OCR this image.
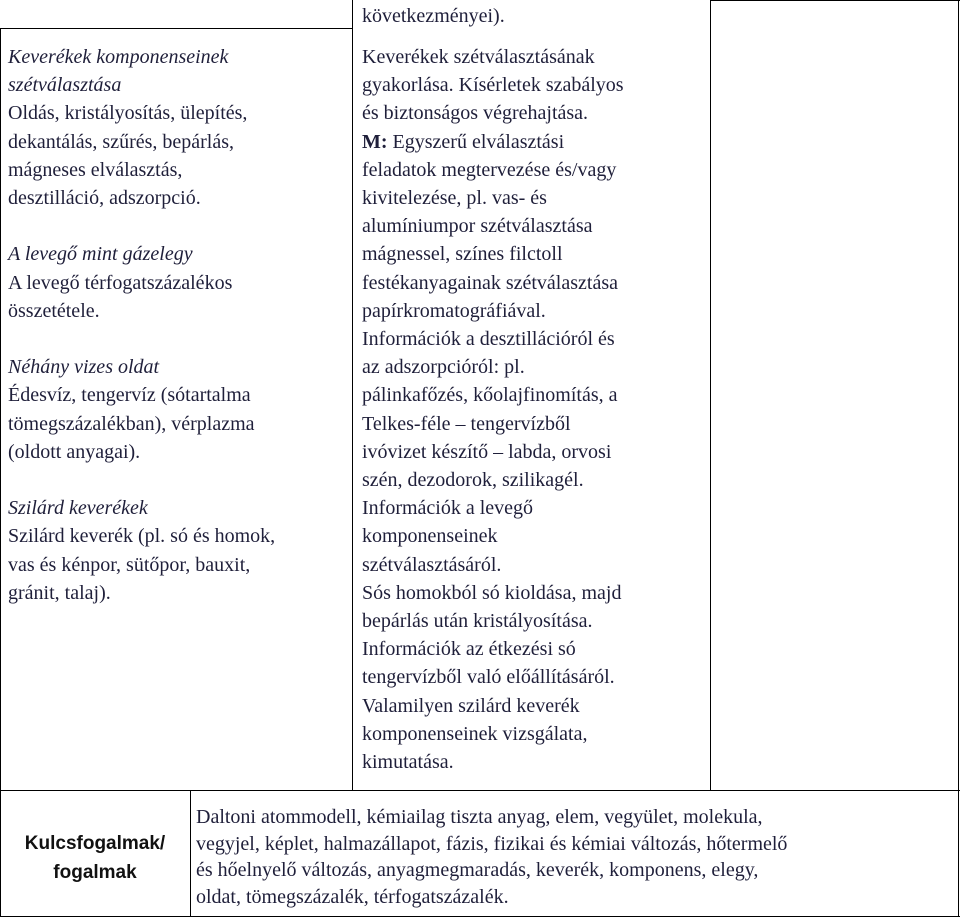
Keverékek komponenseinek
szétválasztása
Oldás, kristályosítás, ülepítés,
dekantálás, szűrés, bepárlás,
mágneses elválasztás,
desztilláció, adszorpció.

A levegő mint gázelegy
A levegő térfogatszázalékos
összetétele.

Néhány vizes oldat
Édesvíz, tengervíz (sótartalma
tömegszázalékban), vérplazma
(oldott anyagai).

Szilárd keverékek
Szilárd keverék (pl. só és homok,
vas és kénpor, sütőpor, bauxit,
gránit, talaj).
következményei).
Keverékek szétválasztásának
gyakorlása. Kísérletek szabályos
és biztonságos végrehajtása.
M: Egyszerű elválasztási
feladatok megtervezése és/vagy
kivitelezése, pl. vas- és
alumíniumpor szétválasztása
mágnessel, színes filctoll
festékanyagainak szétválasztása
papírkromatográfiával.
Információk a desztillációról és
az adszorpcióról: pl.
pálinkafőzés, kőolajfinomítás, a
Telkes-féle – tengervízből
ivóvizet készítő – labda, orvosi
szén, dezodorok, szilikagél.
Információk a levegő
komponenseinek
szétválasztásáról.
Sós homokból só kioldása, majd
bepárlás után kristályosítása.
Információk az étkezési só
tengervízből való előállításáról.
Valamilyen szilárd keverék
komponenseinek vizsgálata,
kimutatása.
Kulcsfogalmak/
fogalmak
Daltoni atommodell, kémiailag tiszta anyag, elem, vegyület, molekula,
vegyjel, képlet, halmazállapot, fázis, fizikai és kémiai változás, hőtermelő
és hőelnyelő változás, anyagmegmaradás, keverék, komponens, elegy,
oldat, tömegszázalék, térfogatszázalék.
